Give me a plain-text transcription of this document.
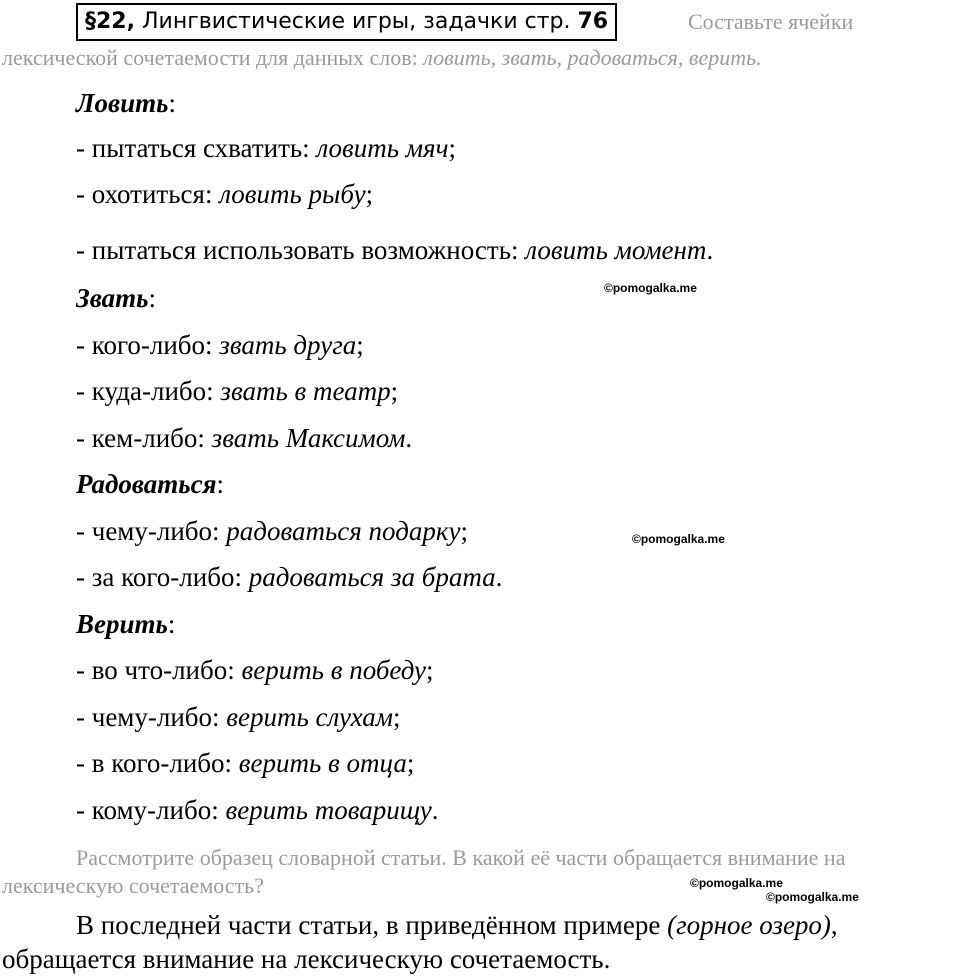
§22, Лингвистические игры, задачки стр. 76	Составьте ячейки
лексической сочетаемости для данных слов: ловить, звать, радоваться, верить.
Ловить:
- пытаться схватить: ловить мяч;
- охотиться: ловить рыбу;
- пытаться использовать возможность: ловить момент.
©pomogalka.me
Звать:
- кого-либо: звать друга;
- куда-либо: звать в театр;
- кем-либо: звать Максимом.
Радоваться:
- чему-либо: радоваться подарку;	©pomogalka.me
- за кого-либо: радоваться за брата.
Верить:
- во что-либо: верить в победу;
- чему-либо: верить слухам;
- в кого-либо: верить в отца;
- кому-либо: верить товарищу.
Рассмотрите образец словарной статьи. В какой её части обращается внимание на
лексическую сочетаемость?	©pomogalka.me
©pomogalka.me
В последней части статьи, в приведённом примере (горное озеро),
обращается внимание на лексическую сочетаемость.
